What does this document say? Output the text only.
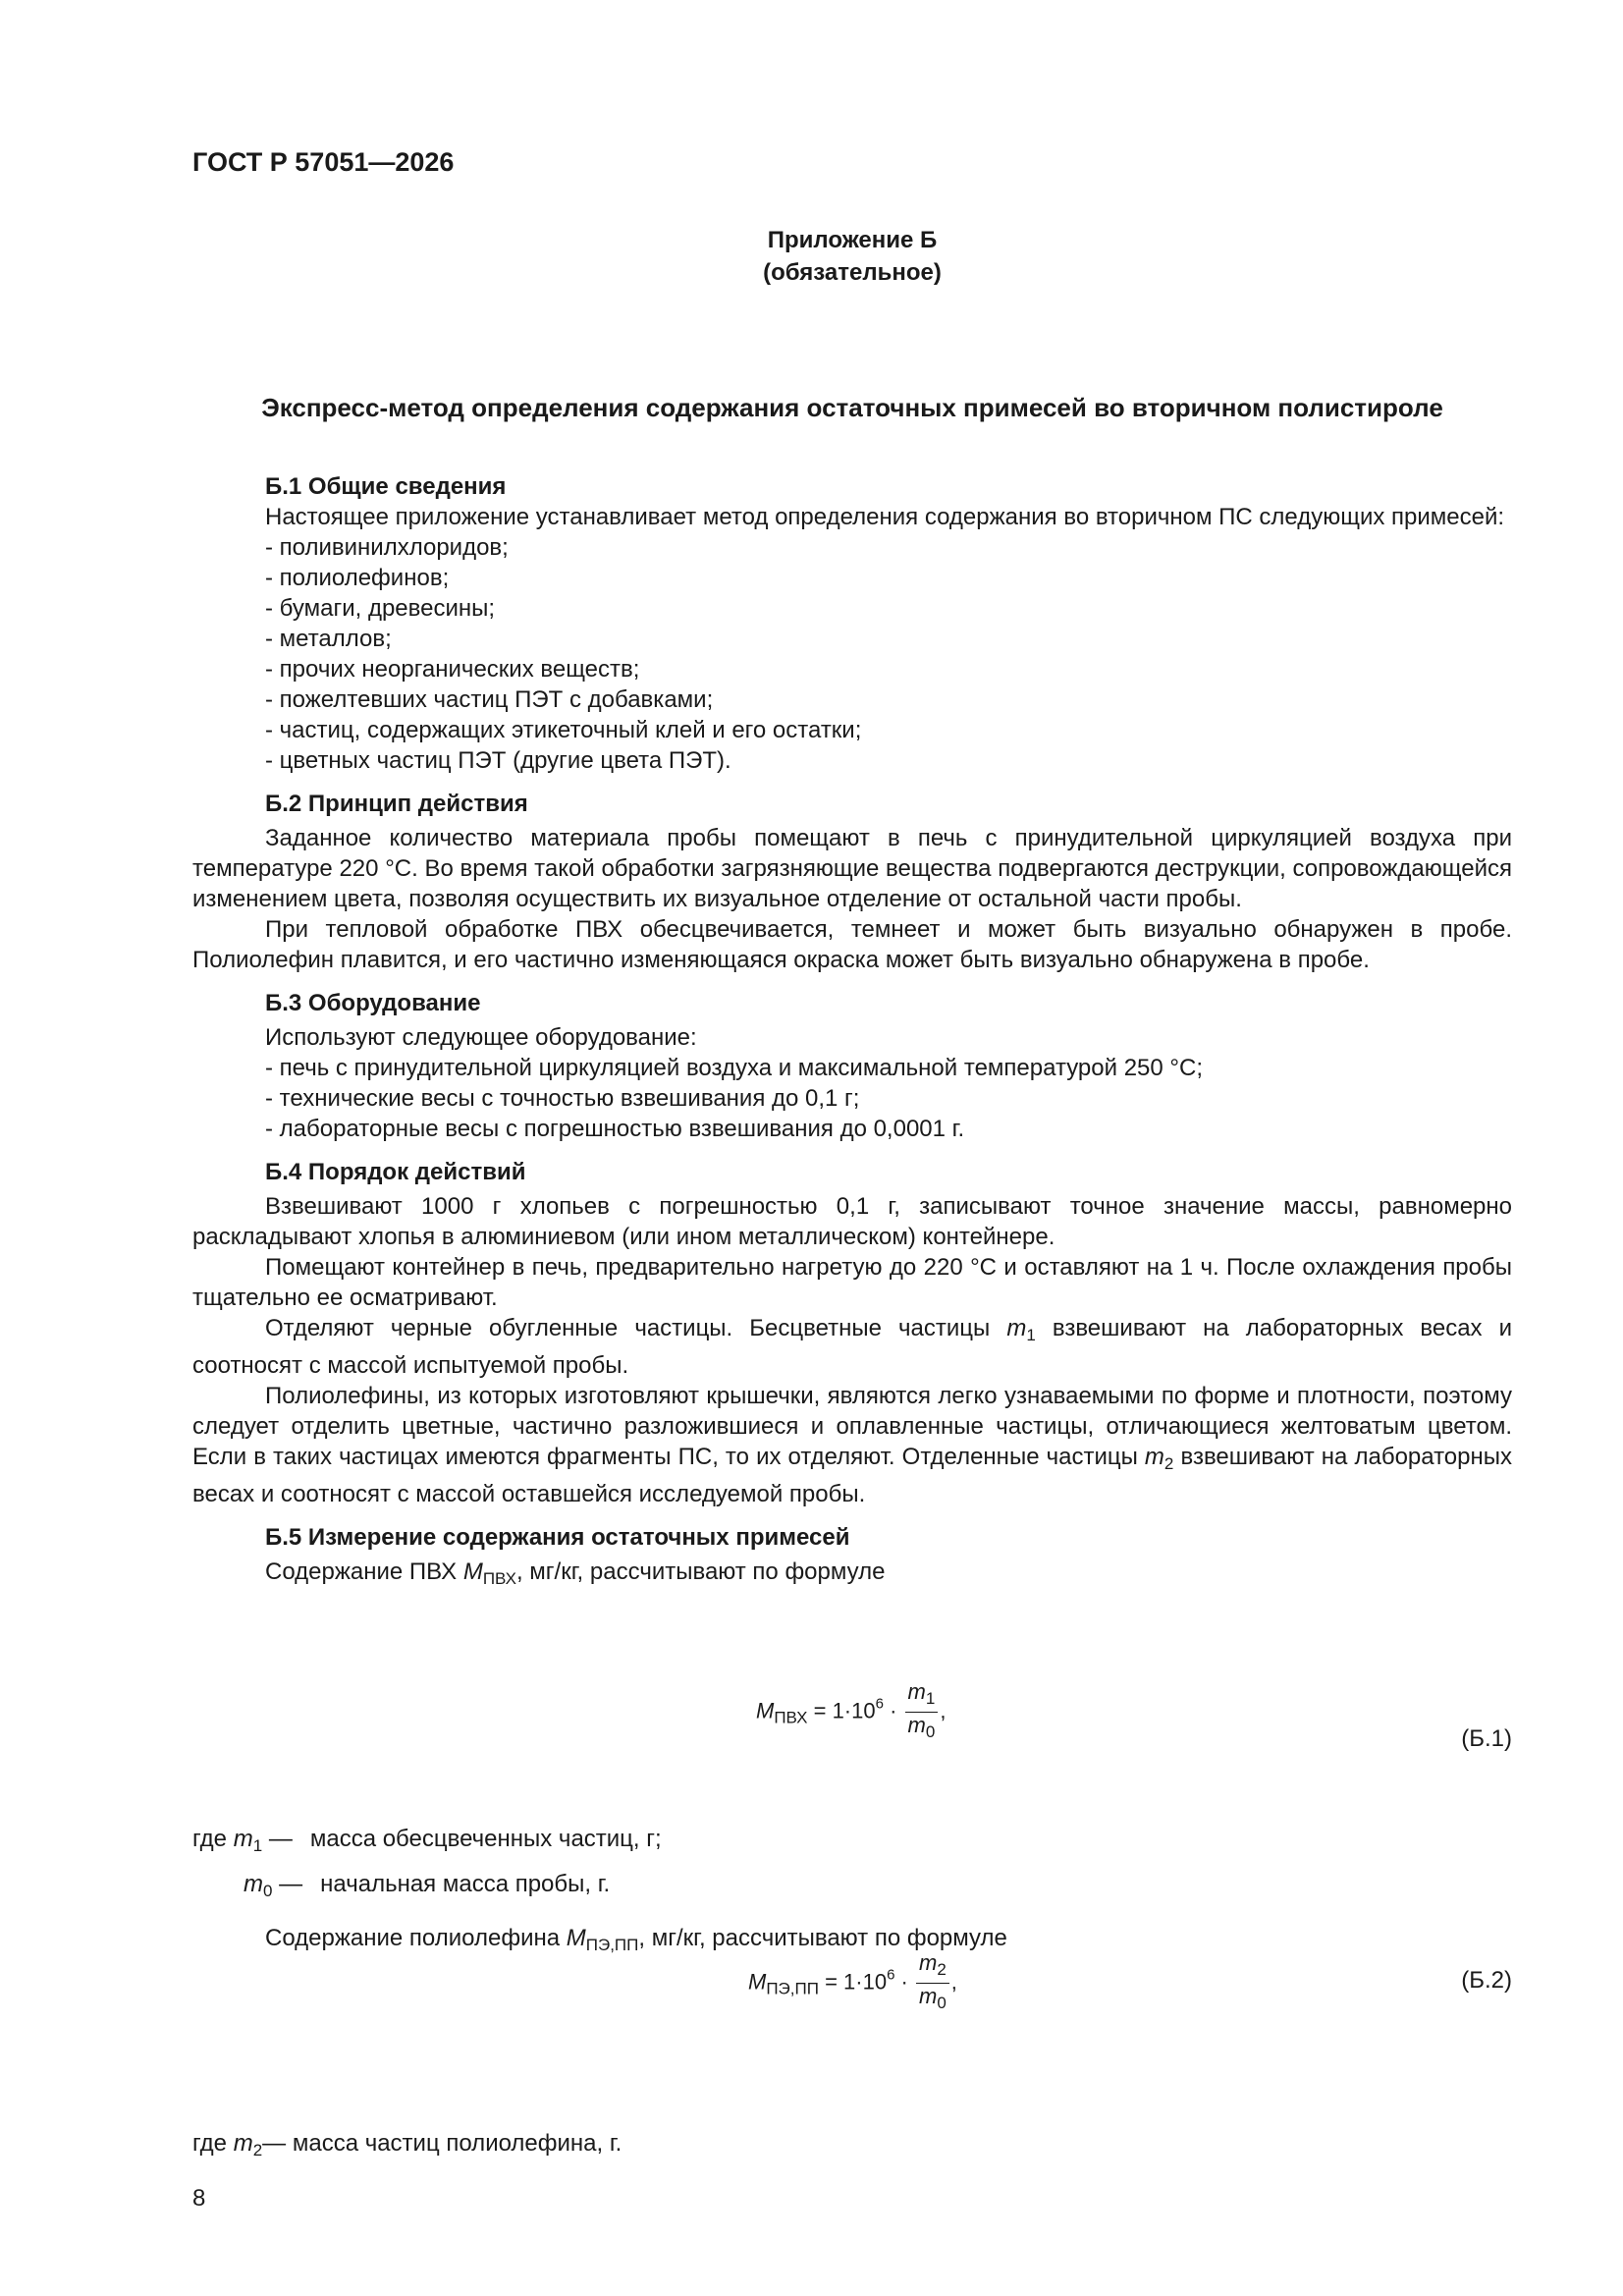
ГОСТ Р 57051—2026
Приложение Б
(обязательное)
Экспресс-метод определения содержания остаточных примесей во вторичном полистироле

Б.1 Общие сведения

Настоящее приложение устанавливает метод определения содержания во вторичном ПС следующих примесей:

- поливинилхлоридов;

- полиолефинов;

- бумаги, древесины;

- металлов;

- прочих неорганических веществ;

- пожелтевших частиц ПЭТ с добавками;

- частиц, содержащих этикеточный клей и его остатки;

- цветных частиц ПЭТ (другие цвета ПЭТ).

Б.2 Принцип действия

Заданное количество материала пробы помещают в печь с принудительной циркуляцией воздуха при температуре 220 °С. Во время такой обработки загрязняющие вещества подвергаются деструкции, сопровождающейся изменением цвета, позволяя осуществить их визуальное отделение от остальной части пробы.

При тепловой обработке ПВХ обесцвечивается, темнеет и может быть визуально обнаружен в пробе. Полиолефин плавится, и его частично изменяющаяся окраска может быть визуально обнаружена в пробе.

Б.3 Оборудование

Используют следующее оборудование:

- печь с принудительной циркуляцией воздуха и максимальной температурой 250 °С;

- технические весы с точностью взвешивания до 0,1 г;

- лабораторные весы с погрешностью взвешивания до 0,0001 г.

Б.4 Порядок действий

Взвешивают 1000 г хлопьев с погрешностью 0,1 г, записывают точное значение массы, равномерно раскладывают хлопья в алюминиевом (или ином металлическом) контейнере.

Помещают контейнер в печь, предварительно нагретую до 220 °С и оставляют на 1 ч. После охлаждения пробы тщательно ее осматривают.

Отделяют черные обугленные частицы. Бесцветные частицы $m_1$ взвешивают на лабораторных весах и соотносят с массой испытуемой пробы.

Полиолефины, из которых изготовляют крышечки, являются легко узнаваемыми по форме и плотности, поэтому следует отделить цветные, частично разложившиеся и оплавленные частицы, отличающиеся желтоватым цветом. Если в таких частицах имеются фрагменты ПС, то их отделяют. Отделенные частицы $m_2$ взвешивают на лабораторных весах и соотносят с массой оставшейся исследуемой пробы.

Б.5 Измерение содержания остаточных примесей

Содержание ПВХ $M_{ПВХ}$, мг/кг, рассчитывают по формуле

$M_{ПВХ} = 1\cdot 10^6 \cdot \frac{m_1}{m_0}$ ,
(Б.1)
где $m_1$ — масса обесцвеченных частиц, г;
$m_0$ — начальная масса пробы, г.
Содержание полиолефина $M_{ПЭ,ПП}$, мг/кг, рассчитывают по формуле
$M_{ПЭ,ПП} = 1\cdot 10^6 \cdot \frac{m_2}{m_0}$ ,	(Б.2)
где $m_2—$ масса частиц полиолефина, г.
8
